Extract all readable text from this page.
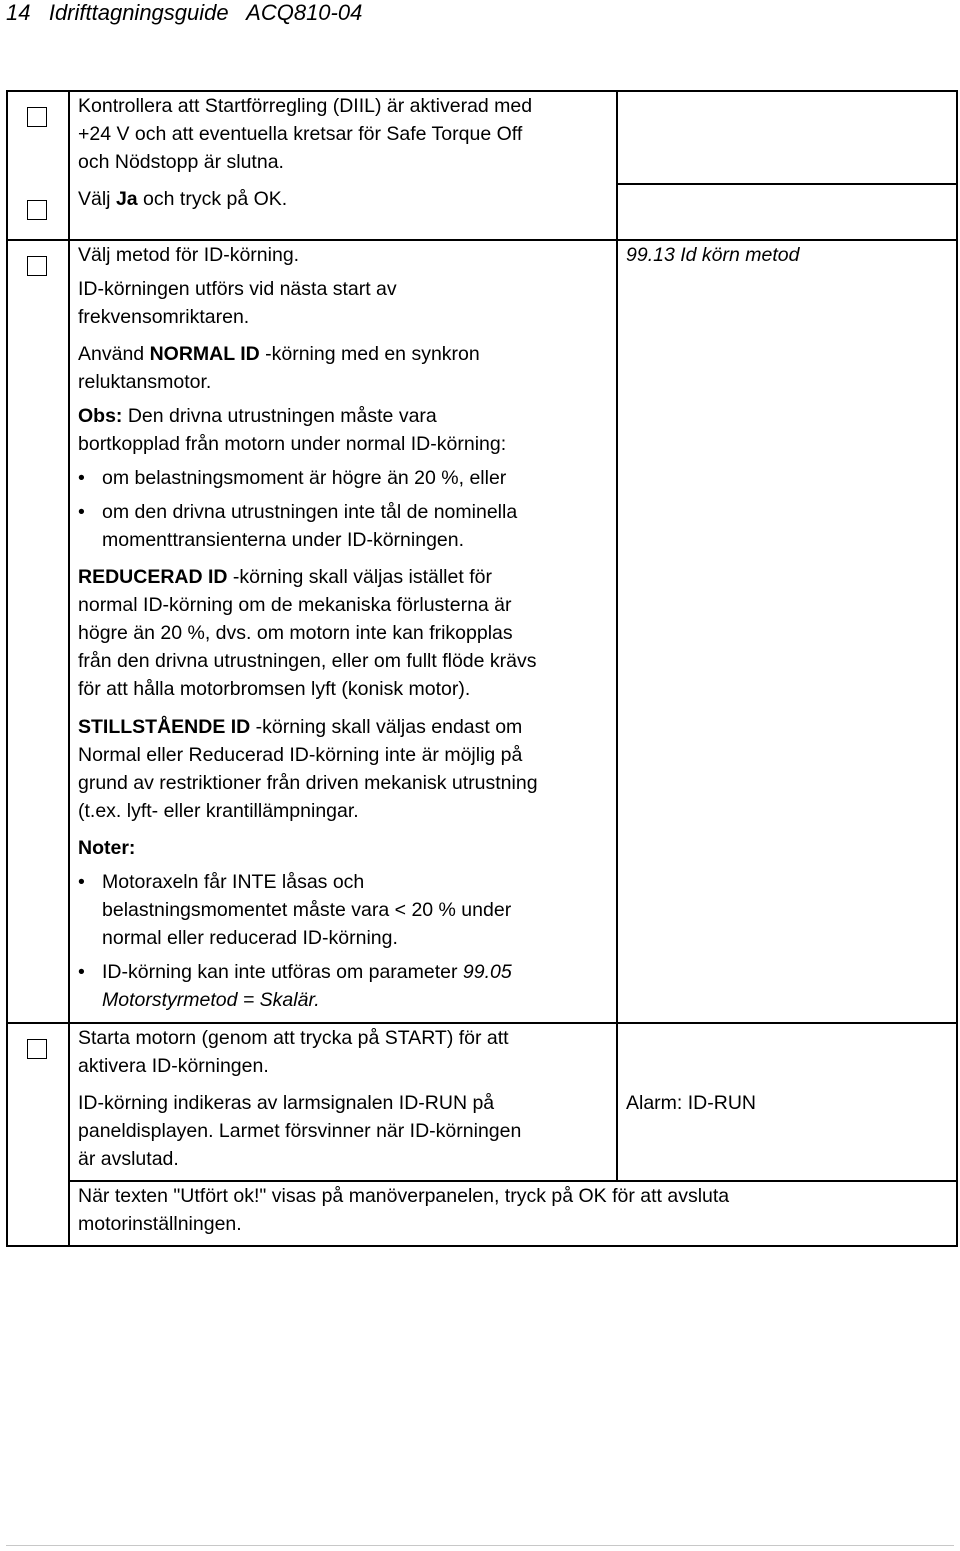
14 Idrifttagningsguide ACQ810-04
Kontrollera att Startförregling (DIIL) är aktiverad med
+24 V och att eventuella kretsar för Safe Torque Off
och Nödstopp är slutna.
Välj Ja och tryck på OK.
Välj metod för ID-körning.	99.13 Id körn metod
ID-körningen utförs vid nästa start av
frekvensomriktaren.
Använd NORMAL ID -körning med en synkron
reluktansmotor.
Obs: Den drivna utrustningen måste vara
bortkopplad från motorn under normal ID-körning:
• om belastningsmoment är högre än 20 %, eller
• om den drivna utrustningen inte tål de nominella
momenttransienterna under ID-körningen.
REDUCERAD ID -körning skall väljas istället för
normal ID-körning om de mekaniska förlusterna är
högre än 20 %, dvs. om motorn inte kan frikopplas
från den drivna utrustningen, eller om fullt flöde krävs
för att hålla motorbromsen lyft (konisk motor).
STILLSTÅENDE ID -körning skall väljas endast om
Normal eller Reducerad ID-körning inte är möjlig på
grund av restriktioner från driven mekanisk utrustning
(t.ex. lyft- eller krantillämpningar.
Noter:
• Motoraxeln får INTE låsas och
belastningsmomentet måste vara < 20 % under
normal eller reducerad ID-körning.
• ID-körning kan inte utföras om parameter 99.05
Motorstyrmetod = Skalär.
Starta motorn (genom att trycka på START) för att
aktivera ID-körningen.
ID-körning indikeras av larmsignalen ID-RUN på	Alarm: ID-RUN
paneldisplayen. Larmet försvinner när ID-körningen
är avslutad.
När texten "Utfört ok!" visas på manöverpanelen, tryck på OK för att avsluta
motorinställningen.
